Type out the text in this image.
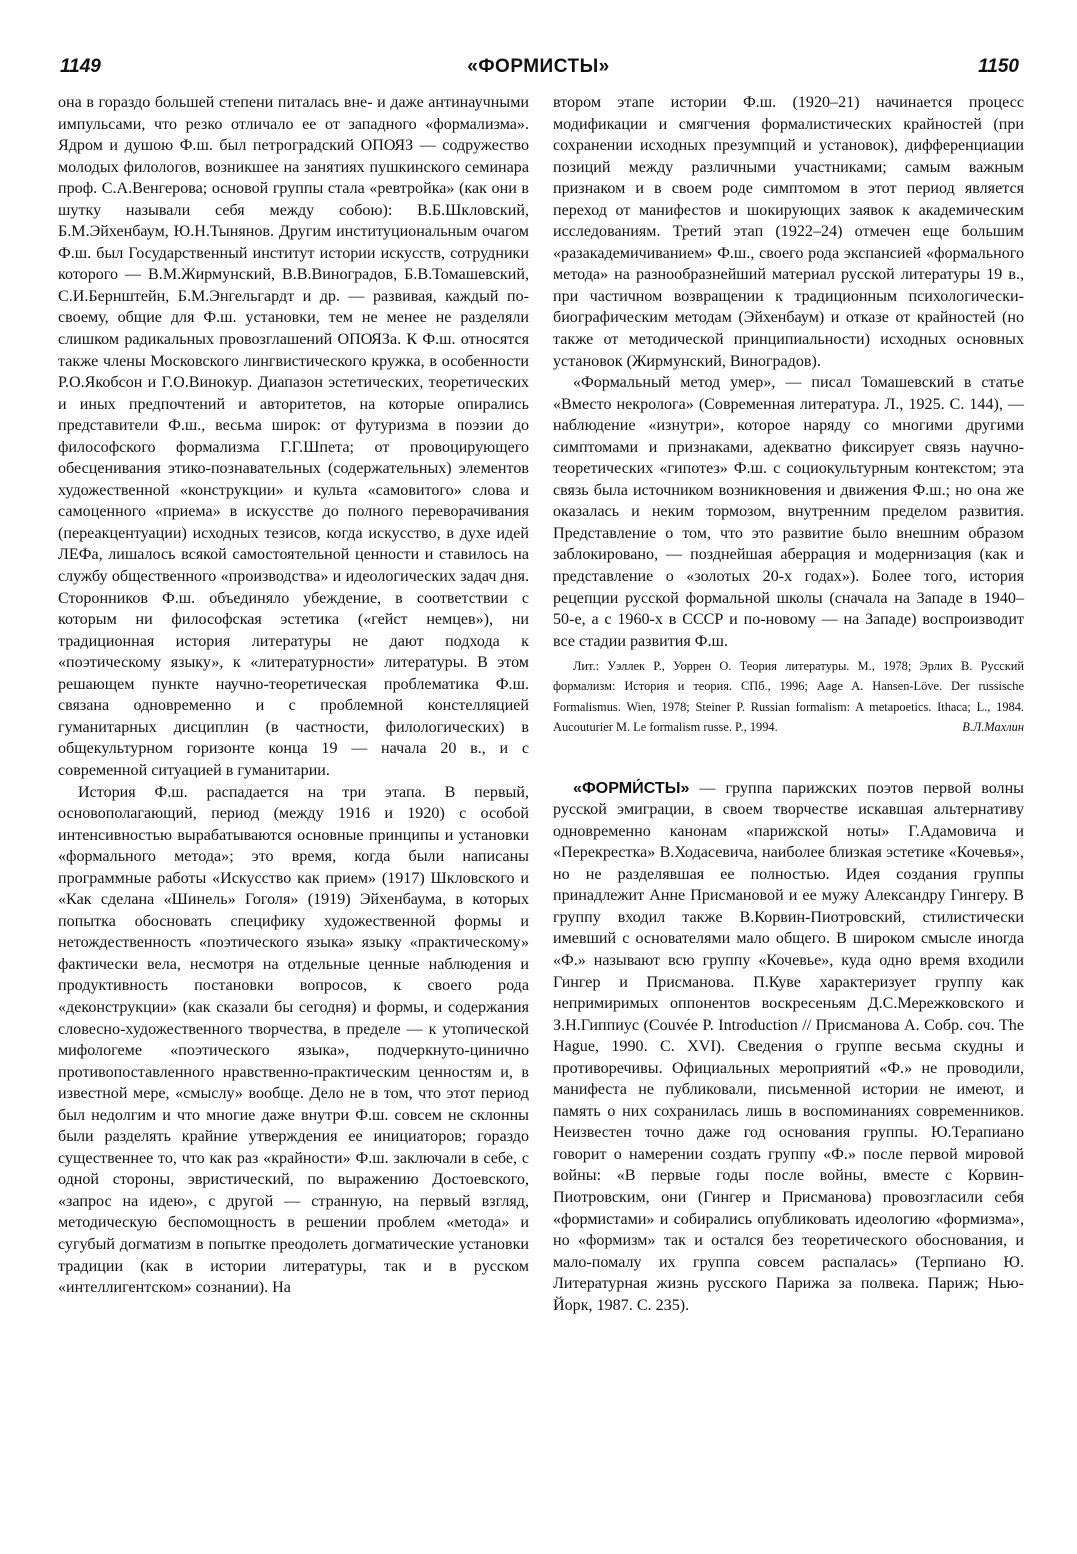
1149	«ФОРМИСТЫ»	1150

она в гораздо большей степени питалась вне- и даже антинаучными импульсами, что резко отличало ее от западного «формализма». Ядром и душою Ф.ш. был петроградский ОПОЯЗ — содружество молодых филологов, возникшее на занятиях пушкинского семинара проф. С.А.Венгерова; основой группы стала «ревтройка» (как они в шутку называли себя между собою): В.Б.Шкловский, Б.М.Эйхенбаум, Ю.Н.Тынянов. Другим институциональным очагом Ф.ш. был Государственный институт истории искусств, сотрудники которого — В.М.Жирмунский, В.В.Виноградов, Б.В.Томашевский, С.И.Бернштейн, Б.М.Энгельгардт и др. — развивая, каждый по-своему, общие для Ф.ш. установки, тем не менее не разделяли слишком радикальных провозглашений ОПОЯЗа. К Ф.ш. относятся также члены Московского лингвистического кружка, в особенности Р.О.Якобсон и Г.О.Винокур. Диапазон эстетических, теоретических и иных предпочтений и авторитетов, на которые опирались представители Ф.ш., весьма широк: от футуризма в поэзии до философского формализма Г.Г.Шпета; от провоцирующего обесценивания этико-познавательных (содержательных) элементов художественной «конструкции» и культа «самовитого» слова и самоценного «приема» в искусстве до полного переворачивания (переакцентуации) исходных тезисов, когда искусство, в духе идей ЛЕФа, лишалось всякой самостоятельной ценности и ставилось на службу общественного «производства» и идеологических задач дня. Сторонников Ф.ш. объединяло убеждение, в соответствии с которым ни философская эстетика («гейст немцев»), ни традиционная история литературы не дают подхода к «поэтическому языку», к «литературности» литературы. В этом решающем пункте научно-теоретическая проблематика Ф.ш. связана одновременно и с проблемной констелляцией гуманитарных дисциплин (в частности, филологических) в общекультурном горизонте конца 19 — начала 20 в., и с современной ситуацией в гуманитарии.

История Ф.ш. распадается на три этапа. В первый, основополагающий, период (между 1916 и 1920) с особой интенсивностью вырабатываются основные принципы и установки «формального метода»; это время, когда были написаны программные работы «Искусство как прием» (1917) Шкловского и «Как сделана «Шинель» Гоголя» (1919) Эйхенбаума, в которых попытка обосновать специфику художественной формы и нетождественность «поэтического языка» языку «практическому» фактически вела, несмотря на отдельные ценные наблюдения и продуктивность постановки вопросов, к своего рода «деконструкции» (как сказали бы сегодня) и формы, и содержания словесно-художественного творчества, в пределе — к утопической мифологеме «поэтического языка», подчеркнуто-цинично противопоставленного нравственно-практическим ценностям и, в известной мере, «смыслу» вообще. Дело не в том, что этот период был недолгим и что многие даже внутри Ф.ш. совсем не склонны были разделять крайние утверждения ее инициаторов; гораздо существеннее то, что как раз «крайности» Ф.ш. заключали в себе, с одной стороны, эвристический, по выражению Достоевского, «запрос на идею», с другой — странную, на первый взгляд, методическую беспомощность в решении проблем «метода» и сугубый догматизм в попытке преодолеть догматические установки традиции (как в истории литературы, так и в русском «интеллигентском» сознании). На

втором этапе истории Ф.ш. (1920–21) начинается процесс модификации и смягчения формалистических крайностей (при сохранении исходных презумпций и установок), дифференциации позиций между различными участниками; самым важным признаком и в своем роде симптомом в этот период является переход от манифестов и шокирующих заявок к академическим исследованиям. Третий этап (1922–24) отмечен еще большим «разакадемичиванием» Ф.ш., своего рода экспансией «формального метода» на разнообразнейший материал русской литературы 19 в., при частичном возвращении к традиционным психологически-биографическим методам (Эйхенбаум) и отказе от крайностей (но также от методической принципиальности) исходных основных установок (Жирмунский, Виноградов).

«Формальный метод умер», — писал Томашевский в статье «Вместо некролога» (Современная литература. Л., 1925. С. 144), — наблюдение «изнутри», которое наряду со многими другими симптомами и признаками, адекватно фиксирует связь научно-теоретических «гипотез» Ф.ш. с социокультурным контекстом; эта связь была источником возникновения и движения Ф.ш.; но она же оказалась и неким тормозом, внутренним пределом развития. Представление о том, что это развитие было внешним образом заблокировано, — позднейшая аберрация и модернизация (как и представление о «золотых 20-х годах»). Более того, история рецепции русской формальной школы (сначала на Западе в 1940–50-е, а с 1960-х в СССР и по-новому — на Западе) воспроизводит все стадии развития Ф.ш.

Лит.: Уэллек Р., Уоррен О. Теория литературы. М., 1978; Эрлих В. Русский формализм: История и теория. СПб., 1996; Aage A. Hansen-Löve. Der russische Formalismus. Wien, 1978; Steiner P. Russian formalism: A metapoetics. Ithaca; L., 1984. Aucouturier M. Le formalism russe. P., 1994.	В.Л.Махлин

«ФОРМИ́СТЫ» — группа парижских поэтов первой волны русской эмиграции, в своем творчестве искавшая альтернативу одновременно канонам «парижской ноты» Г.Адамовича и «Перекрестка» В.Ходасевича, наиболее близкая эстетике «Кочевья», но не разделявшая ее полностью. Идея создания группы принадлежит Анне Присмановой и ее мужу Александру Гингеру. В группу входил также В.Корвин-Пиотровский, стилистически имевший с основателями мало общего. В широком смысле иногда «Ф.» называют всю группу «Кочевье», куда одно время входили Гингер и Присманова. П.Куве характеризует группу как непримиримых оппонентов воскресеньям Д.С.Мережковского и З.Н.Гиппиус (Couvée P. Introduction // Присманова А. Собр. соч. The Hague, 1990. C. XVI). Сведения о группе весьма скудны и противоречивы. Официальных мероприятий «Ф.» не проводили, манифеста не публиковали, письменной истории не имеют, и память о них сохранилась лишь в воспоминаниях современников. Неизвестен точно даже год основания группы. Ю.Терапиано говорит о намерении создать группу «Ф.» после первой мировой войны: «В первые годы после войны, вместе с Корвин-Пиотровским, они (Гингер и Присманова) провозгласили себя «формистами» и собирались опубликовать идеологию «формизма», но «формизм» так и остался без теоретического обоснования, и мало-помалу их группа совсем распалась» (Терпиано Ю. Литературная жизнь русского Парижа за полвека. Париж; Нью-Йорк, 1987. С. 235).
